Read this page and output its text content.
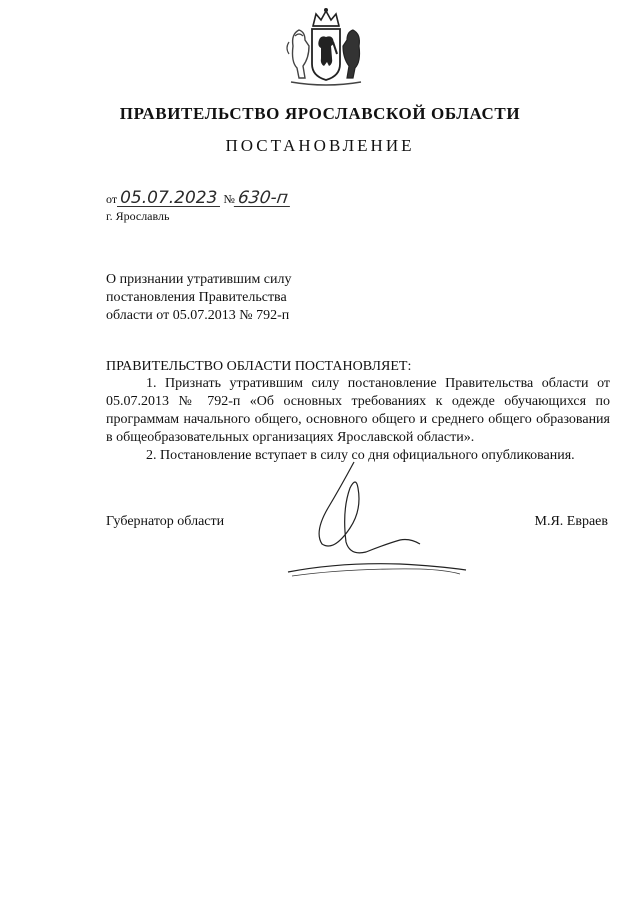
ПРАВИТЕЛЬСТВО ЯРОСЛАВСКОЙ ОБЛАСТИ
ПОСТАНОВЛЕНИЕ
от 05.07.2023 №630-п
г. Ярославль
О признании утратившим силу
постановления Правительства
области от 05.07.2013 № 792-п
ПРАВИТЕЛЬСТВО ОБЛАСТИ ПОСТАНОВЛЯЕТ:

1. Признать утратившим силу постановление Правительства области от 05.07.2013 № 792-п «Об основных требованиях к одежде обучающихся по программам начального общего, основного общего и среднего общего образования в общеобразовательных организациях Ярославской области».

2. Постановление вступает в силу со дня официального опубликования.

Губернатор области	М.Я. Евраев
